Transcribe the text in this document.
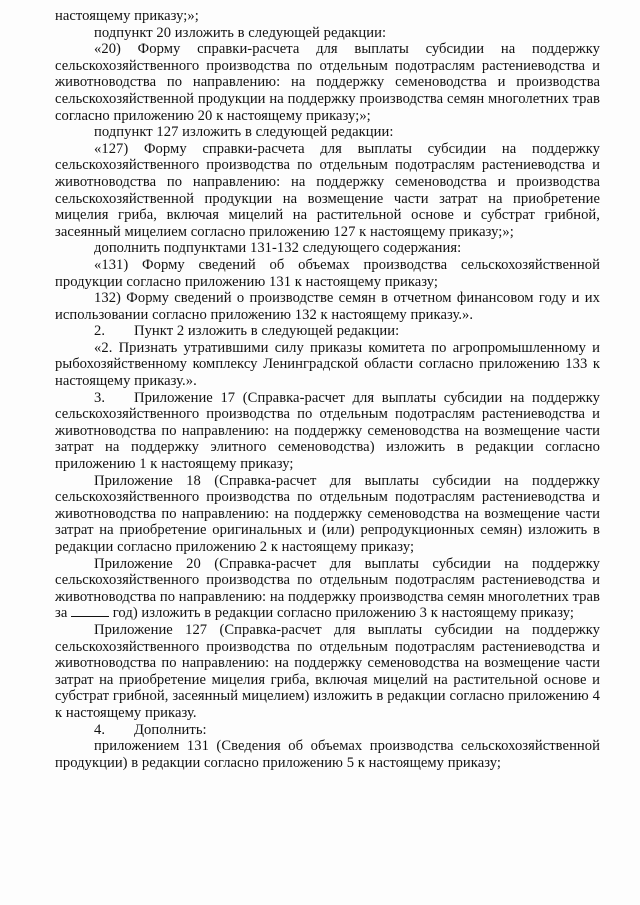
настоящему приказу;»;

подпункт 20 изложить в следующей редакции:

«20) Форму справки-расчета для выплаты субсидии на поддержку сельскохозяйственного производства по отдельным подотраслям растениеводства и животноводства по направлению: на поддержку семеноводства и производства сельскохозяйственной продукции на поддержку производства семян многолетних трав согласно приложению 20 к настоящему приказу;»;

подпункт 127 изложить в следующей редакции:

«127) Форму справки-расчета для выплаты субсидии на поддержку сельскохозяйственного производства по отдельным подотраслям растениеводства и животноводства по направлению: на поддержку семеноводства и производства сельскохозяйственной продукции на возмещение части затрат на приобретение мицелия гриба, включая мицелий на растительной основе и субстрат грибной, засеянный мицелием согласно приложению 127 к настоящему приказу;»;

дополнить подпунктами 131-132 следующего содержания:

«131) Форму сведений об объемах производства сельскохозяйственной продукции согласно приложению 131 к настоящему приказу;

132) Форму сведений о производстве семян в отчетном финансовом году и их использовании согласно приложению 132 к настоящему приказу.».

2. Пункт 2 изложить в следующей редакции:

«2. Признать утратившими силу приказы комитета по агропромышленному и рыбохозяйственному комплексу Ленинградской области согласно приложению 133 к настоящему приказу.».

3. Приложение 17 (Справка-расчет для выплаты субсидии на поддержку сельскохозяйственного производства по отдельным подотраслям растениеводства и животноводства по направлению: на поддержку семеноводства на возмещение части затрат на поддержку элитного семеноводства) изложить в редакции согласно приложению 1 к настоящему приказу;

Приложение 18 (Справка-расчет для выплаты субсидии на поддержку сельскохозяйственного производства по отдельным подотраслям растениеводства и животноводства по направлению: на поддержку семеноводства на возмещение части затрат на приобретение оригинальных и (или) репродукционных семян) изложить в редакции согласно приложению 2 к настоящему приказу;

Приложение 20 (Справка-расчет для выплаты субсидии на поддержку сельскохозяйственного производства по отдельным подотраслям растениеводства и животноводства по направлению: на поддержку производства семян многолетних трав за	год) изложить в редакции согласно приложению 3 к настоящему приказу;

Приложение 127 (Справка-расчет для выплаты субсидии на поддержку сельскохозяйственного производства по отдельным подотраслям растениеводства и животноводства по направлению: на поддержку семеноводства на возмещение части затрат на приобретение мицелия гриба, включая мицелий на растительной основе и субстрат грибной, засеянный мицелием) изложить в редакции согласно приложению 4 к настоящему приказу.

4. Дополнить:

приложением 131 (Сведения об объемах производства сельскохозяйственной продукции) в редакции согласно приложению 5 к настоящему приказу;
